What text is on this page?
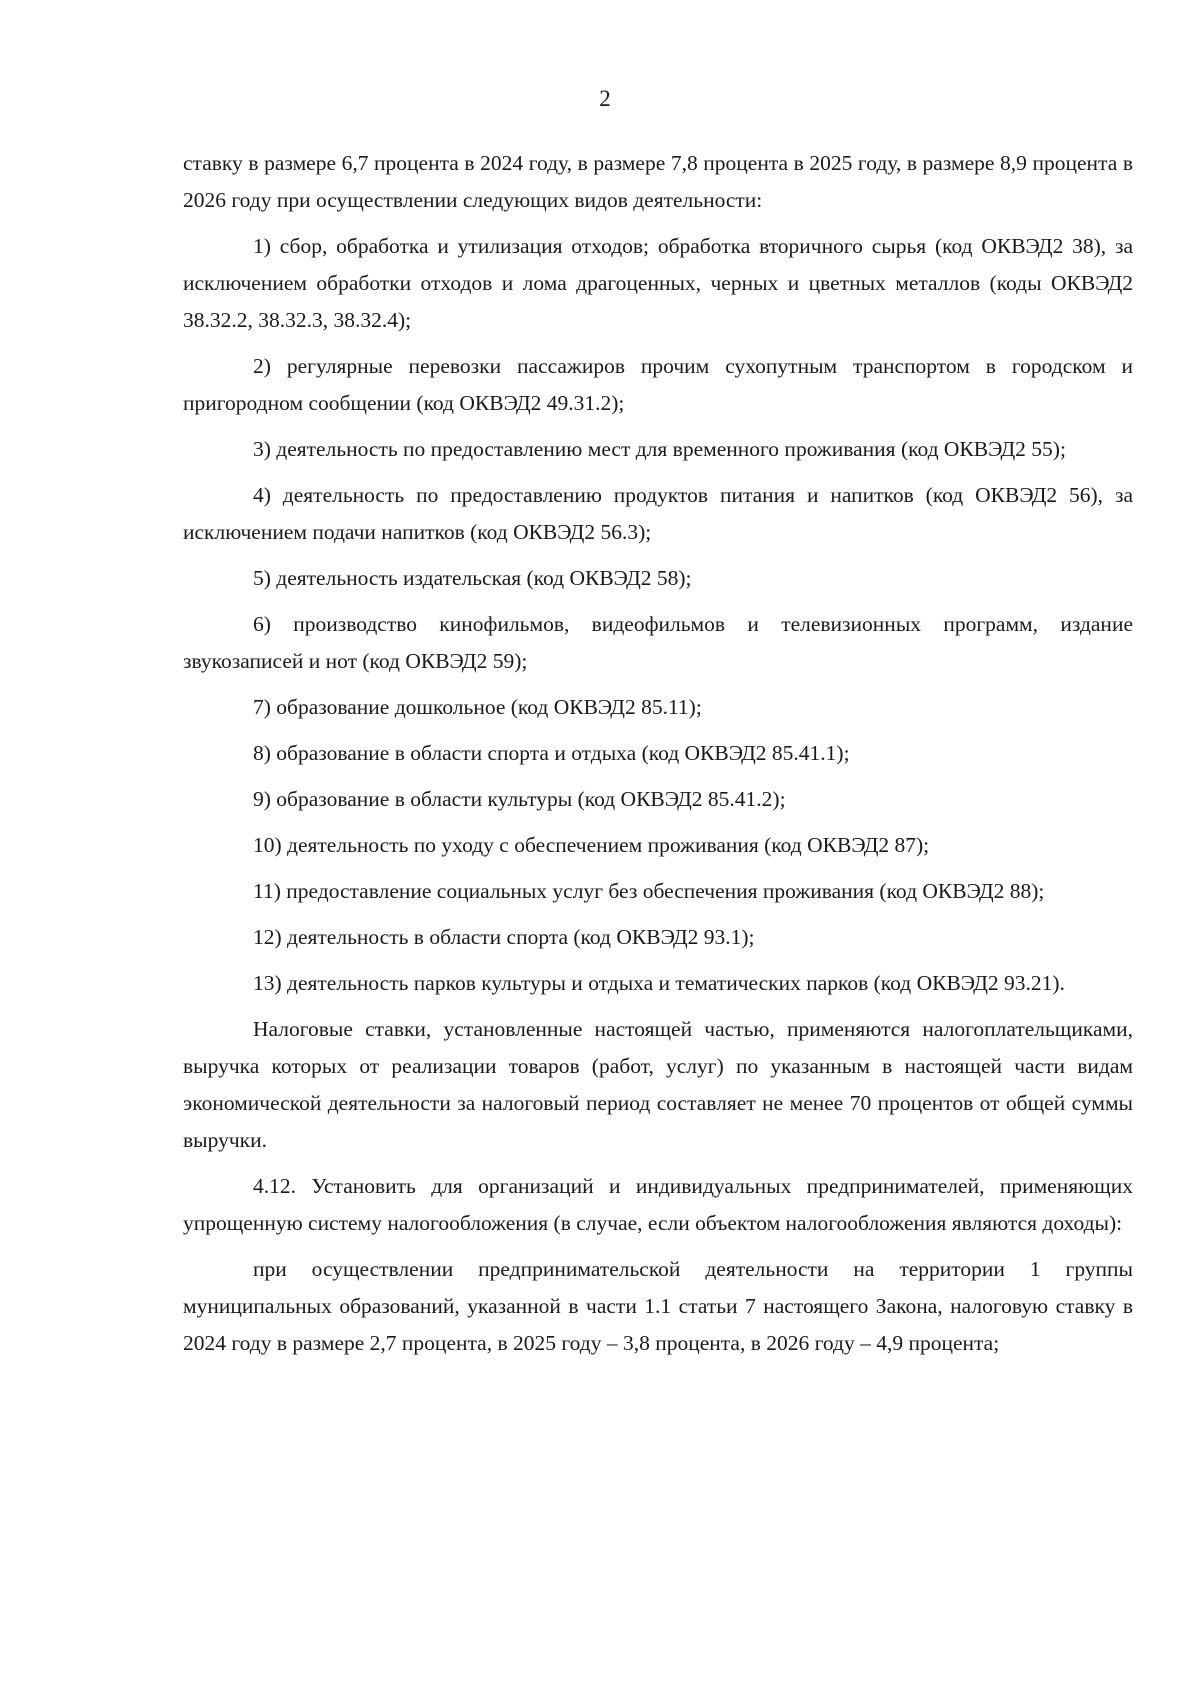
2

ставку в размере 6,7 процента в 2024 году, в размере 7,8 процента в 2025 году, в размере 8,9 процента в 2026 году при осуществлении следующих видов деятельности:

1) сбор, обработка и утилизация отходов; обработка вторичного сырья (код ОКВЭД2 38), за исключением обработки отходов и лома драгоценных, черных и цветных металлов (коды ОКВЭД2 38.32.2, 38.32.3, 38.32.4);

2) регулярные перевозки пассажиров прочим сухопутным транспортом в городском и пригородном сообщении (код ОКВЭД2 49.31.2);

3) деятельность по предоставлению мест для временного проживания (код ОКВЭД2 55);

4) деятельность по предоставлению продуктов питания и напитков (код ОКВЭД2 56), за исключением подачи напитков (код ОКВЭД2 56.3);

5) деятельность издательская (код ОКВЭД2 58);

6) производство кинофильмов, видеофильмов и телевизионных программ, издание звукозаписей и нот (код ОКВЭД2 59);

7) образование дошкольное (код ОКВЭД2 85.11);

8) образование в области спорта и отдыха (код ОКВЭД2 85.41.1);

9) образование в области культуры (код ОКВЭД2 85.41.2);

10) деятельность по уходу с обеспечением проживания (код ОКВЭД2 87);

11) предоставление социальных услуг без обеспечения проживания (код ОКВЭД2 88);

12) деятельность в области спорта (код ОКВЭД2 93.1);

13) деятельность парков культуры и отдыха и тематических парков (код ОКВЭД2 93.21).

Налоговые ставки, установленные настоящей частью, применяются налогоплательщиками, выручка которых от реализации товаров (работ, услуг) по указанным в настоящей части видам экономической деятельности за налоговый период составляет не менее 70 процентов от общей суммы выручки.

4.12. Установить для организаций и индивидуальных предпринимателей, применяющих упрощенную систему налогообложения (в случае, если объектом налогообложения являются доходы):

при осуществлении предпринимательской деятельности на территории 1 группы муниципальных образований, указанной в части 1.1 статьи 7 настоящего Закона, налоговую ставку в 2024 году в размере 2,7 процента, в 2025 году – 3,8 процента, в 2026 году – 4,9 процента;
